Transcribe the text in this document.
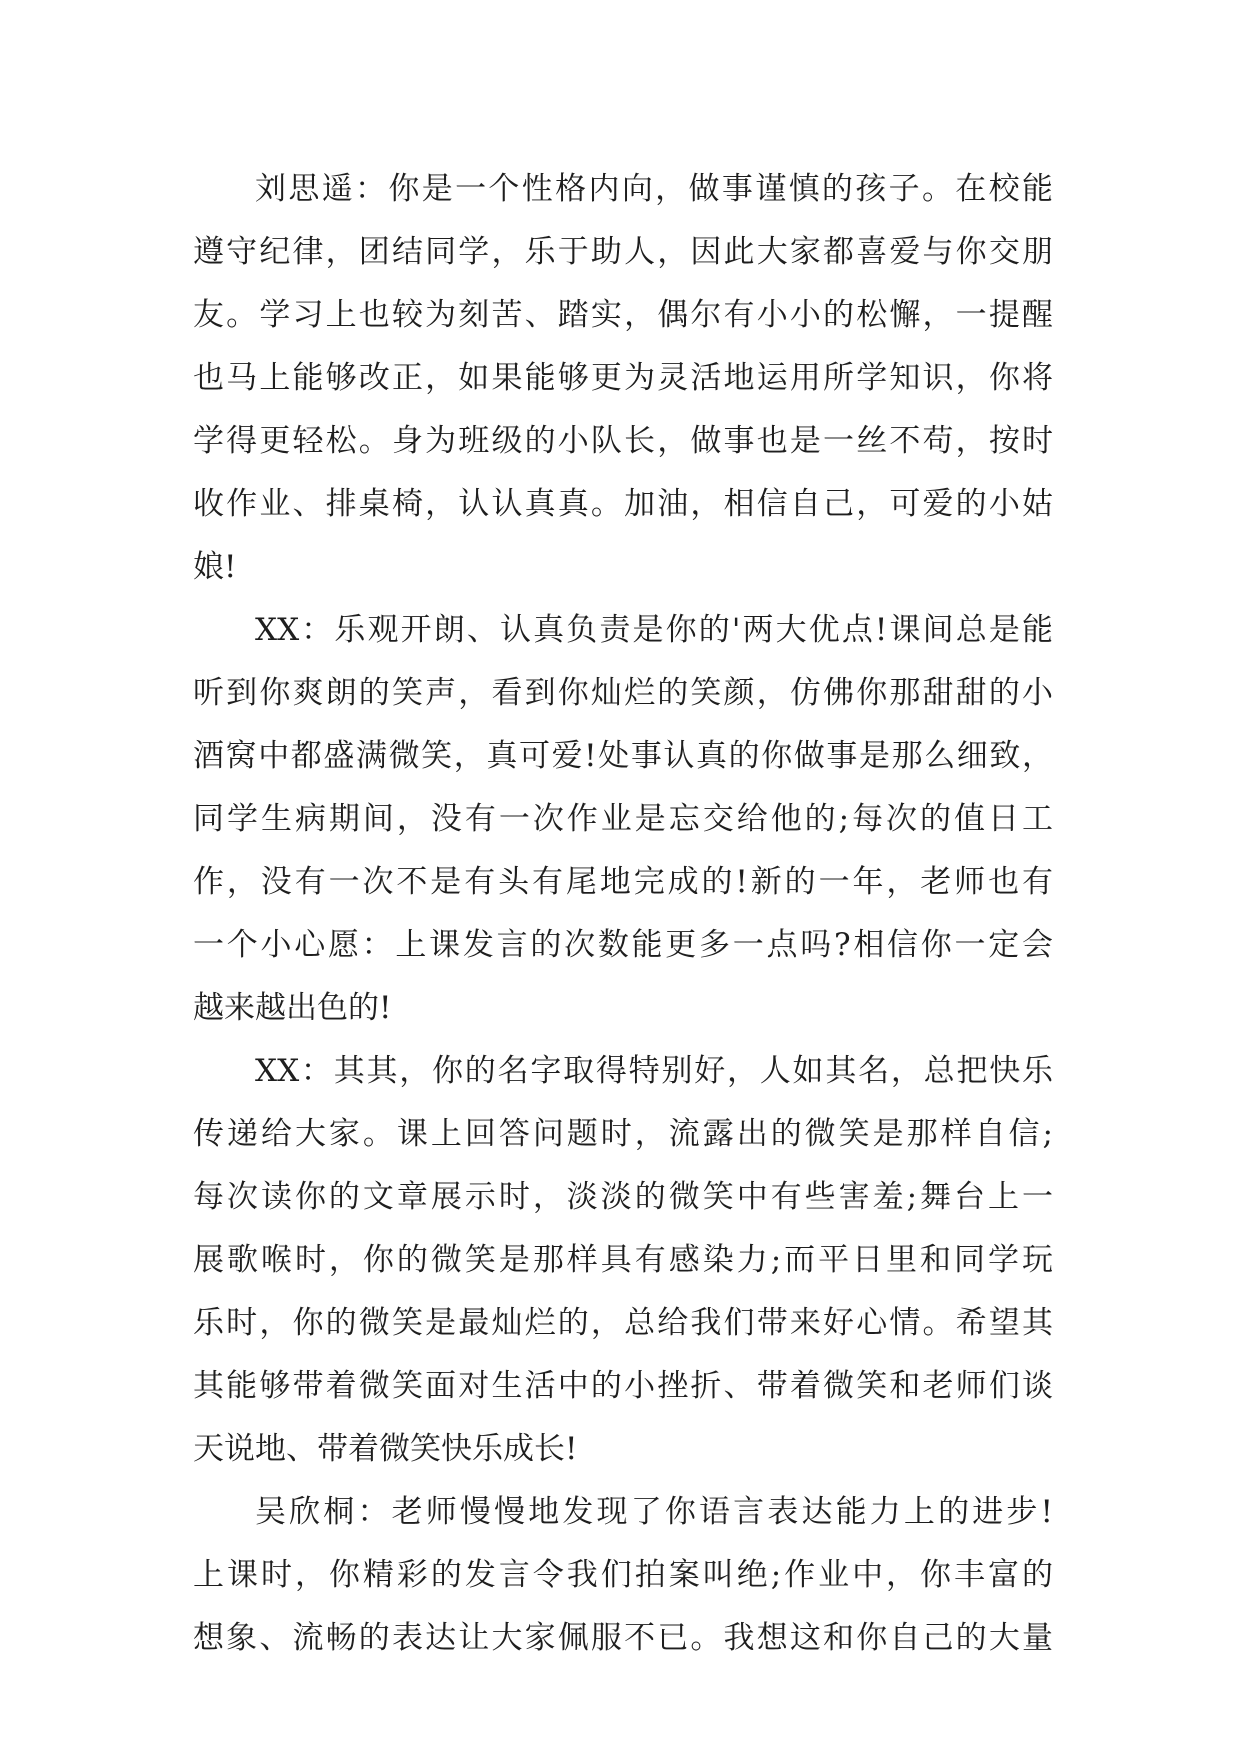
刘思遥：你是一个性格内向，做事谨慎的孩子。在校能
遵守纪律，团结同学，乐于助人，因此大家都喜爱与你交朋
友。学习上也较为刻苦、踏实，偶尔有小小的松懈，一提醒
也马上能够改正，如果能够更为灵活地运用所学知识，你将
学得更轻松。身为班级的小队长，做事也是一丝不苟，按时
收作业、排桌椅，认认真真。加油，相信自己，可爱的小姑
娘!
XX：乐观开朗、认真负责是你的'两大优点!课间总是能
听到你爽朗的笑声，看到你灿烂的笑颜，仿佛你那甜甜的小
酒窝中都盛满微笑，真可爱!处事认真的你做事是那么细致，
同学生病期间，没有一次作业是忘交给他的;每次的值日工
作，没有一次不是有头有尾地完成的!新的一年，老师也有
一个小心愿：上课发言的次数能更多一点吗?相信你一定会
越来越出色的!
XX：其其，你的名字取得特别好，人如其名，总把快乐
传递给大家。课上回答问题时，流露出的微笑是那样自信;
每次读你的文章展示时，淡淡的微笑中有些害羞;舞台上一
展歌喉时，你的微笑是那样具有感染力;而平日里和同学玩
乐时，你的微笑是最灿烂的，总给我们带来好心情。希望其
其能够带着微笑面对生活中的小挫折、带着微笑和老师们谈
天说地、带着微笑快乐成长!
吴欣桐：老师慢慢地发现了你语言表达能力上的进步!
上课时，你精彩的发言令我们拍案叫绝;作业中，你丰富的
想象、流畅的表达让大家佩服不已。我想这和你自己的大量
